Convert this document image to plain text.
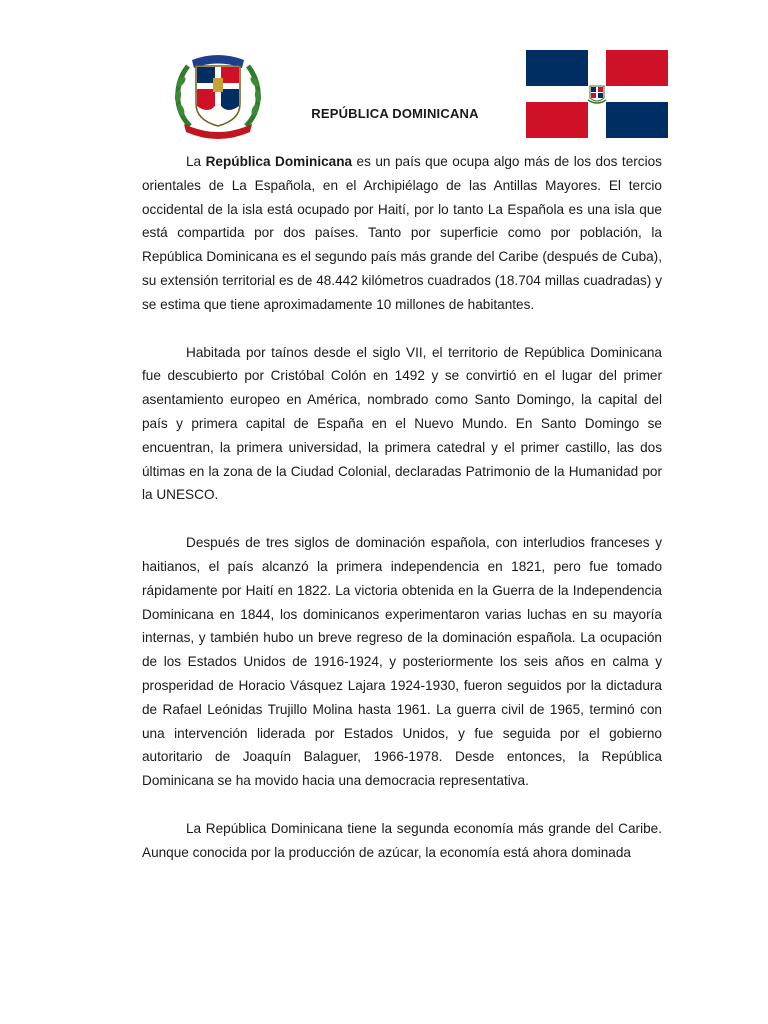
REPÚBLICA DOMINICANA

La República Dominicana es un país que ocupa algo más de los dos tercios orientales de La Española, en el Archipiélago de las Antillas Mayores. El tercio occidental de la isla está ocupado por Haití, por lo tanto La Española es una isla que está compartida por dos países. Tanto por superficie como por población, la República Dominicana es el segundo país más grande del Caribe (después de Cuba), su extensión territorial es de 48.442 kilómetros cuadrados (18.704 millas cuadradas) y se estima que tiene aproximadamente 10 millones de habitantes.

Habitada por taínos desde el siglo VII, el territorio de República Dominicana fue descubierto por Cristóbal Colón en 1492 y se convirtió en el lugar del primer asentamiento europeo en América, nombrado como Santo Domingo, la capital del país y primera capital de España en el Nuevo Mundo. En Santo Domingo se encuentran, la primera universidad, la primera catedral y el primer castillo, las dos últimas en la zona de la Ciudad Colonial, declaradas Patrimonio de la Humanidad por la UNESCO.

Después de tres siglos de dominación española, con interludios franceses y haitianos, el país alcanzó la primera independencia en 1821, pero fue tomado rápidamente por Haití en 1822. La victoria obtenida en la Guerra de la Independencia Dominicana en 1844, los dominicanos experimentaron varias luchas en su mayoría internas, y también hubo un breve regreso de la dominación española. La ocupación de los Estados Unidos de 1916-1924, y posteriormente los seis años en calma y prosperidad de Horacio Vásquez Lajara 1924-1930, fueron seguidos por la dictadura de Rafael Leónidas Trujillo Molina hasta 1961. La guerra civil de 1965, terminó con una intervención liderada por Estados Unidos, y fue seguida por el gobierno autoritario de Joaquín Balaguer, 1966-1978. Desde entonces, la República Dominicana se ha movido hacia una democracia representativa.

La República Dominicana tiene la segunda economía más grande del Caribe. Aunque conocida por la producción de azúcar, la economía está ahora dominada
